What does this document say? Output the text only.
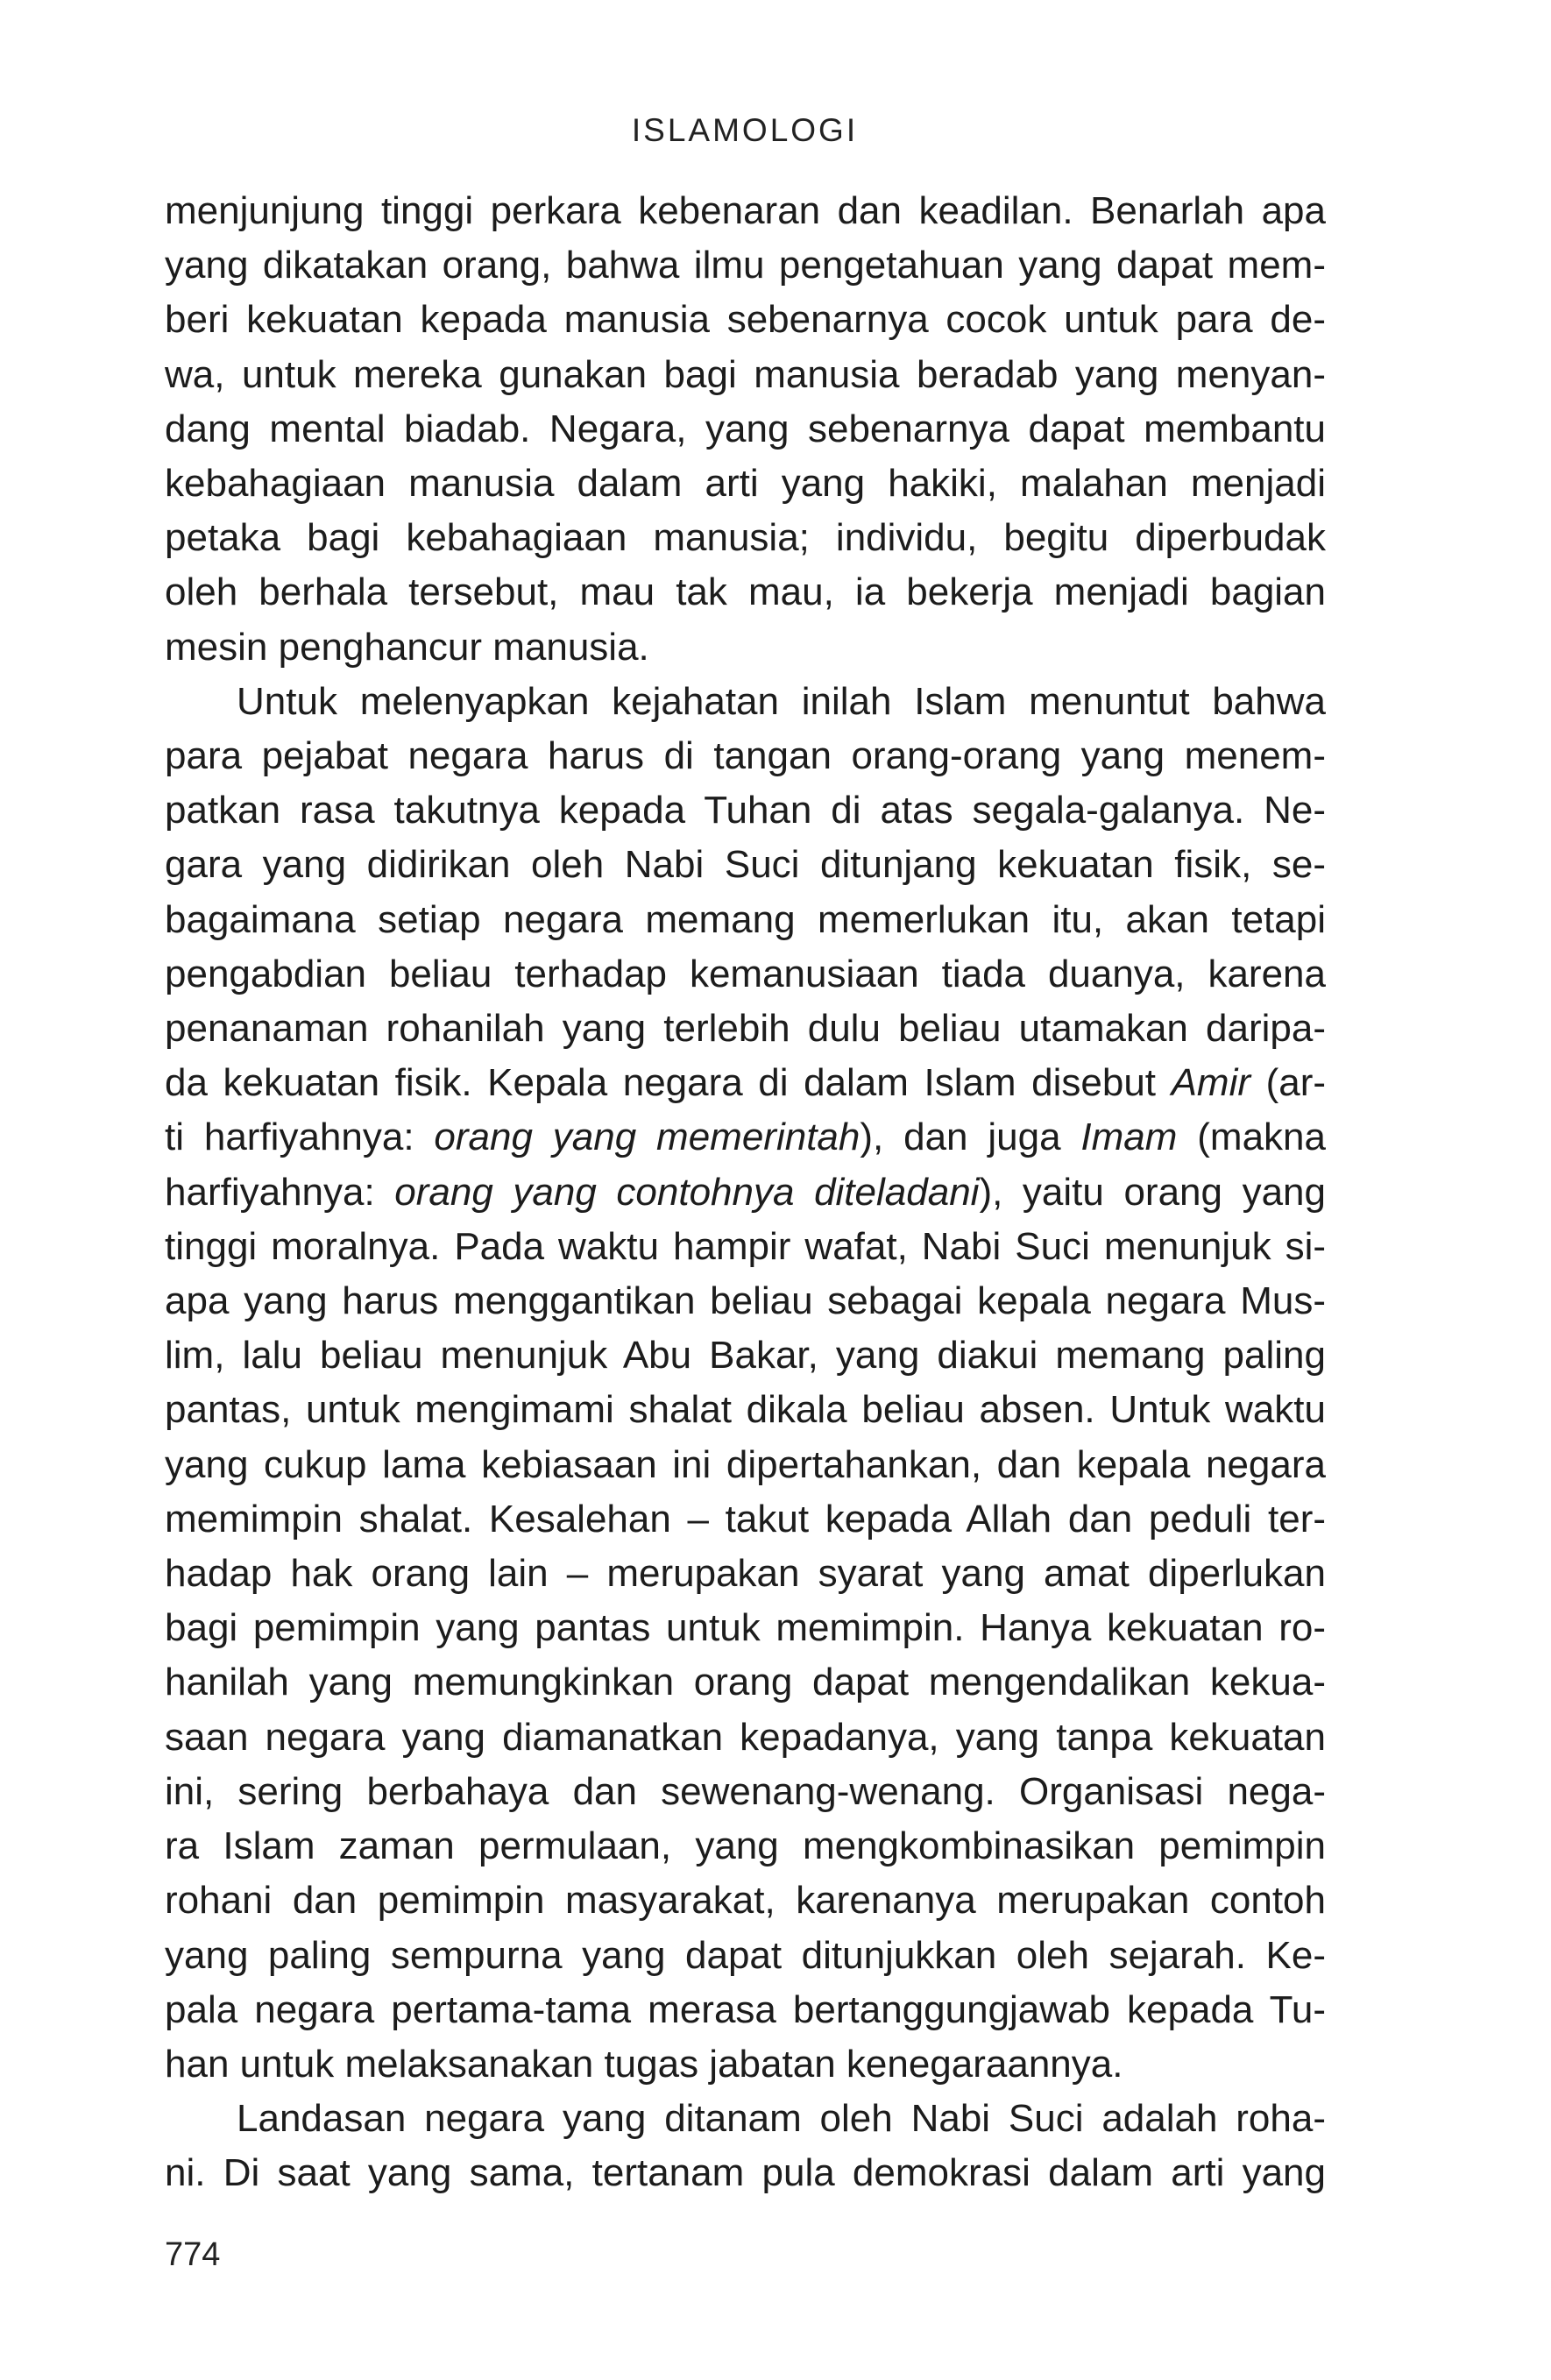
ISLAMOLOGI

menjunjung tinggi perkara kebenaran dan keadilan. Benarlah apa
yang dikatakan orang, bahwa ilmu pengetahuan yang dapat mem-
beri kekuatan kepada manusia sebenarnya cocok untuk para de-
wa, untuk mereka gunakan bagi manusia beradab yang menyan-
dang mental biadab. Negara, yang sebenarnya dapat membantu
kebahagiaan manusia dalam arti yang hakiki, malahan menjadi
petaka bagi kebahagiaan manusia; individu, begitu diperbudak
oleh berhala tersebut, mau tak mau, ia bekerja menjadi bagian
mesin penghancur manusia.

Untuk melenyapkan kejahatan inilah Islam menuntut bahwa
para pejabat negara harus di tangan orang-orang yang menem-
patkan rasa takutnya kepada Tuhan di atas segala-galanya. Ne-
gara yang didirikan oleh Nabi Suci ditunjang kekuatan fisik, se-
bagaimana setiap negara memang memerlukan itu, akan tetapi
pengabdian beliau terhadap kemanusiaan tiada duanya, karena
penanaman rohanilah yang terlebih dulu beliau utamakan daripa-
da kekuatan fisik. Kepala negara di dalam Islam disebut Amir (ar-
ti harfiyahnya: orang yang memerintah), dan juga Imam (makna
harfiyahnya: orang yang contohnya diteladani), yaitu orang yang
tinggi moralnya. Pada waktu hampir wafat, Nabi Suci menunjuk si-
apa yang harus menggantikan beliau sebagai kepala negara Mus-
lim, lalu beliau menunjuk Abu Bakar, yang diakui memang paling
pantas, untuk mengimami shalat dikala beliau absen. Untuk waktu
yang cukup lama kebiasaan ini dipertahankan, dan kepala negara
memimpin shalat. Kesalehan – takut kepada Allah dan peduli ter-
hadap hak orang lain – merupakan syarat yang amat diperlukan
bagi pemimpin yang pantas untuk memimpin. Hanya kekuatan ro-
hanilah yang memungkinkan orang dapat mengendalikan kekua-
saan negara yang diamanatkan kepadanya, yang tanpa kekuatan
ini, sering berbahaya dan sewenang-wenang. Organisasi nega-
ra Islam zaman permulaan, yang mengkombinasikan pemimpin
rohani dan pemimpin masyarakat, karenanya merupakan contoh
yang paling sempurna yang dapat ditunjukkan oleh sejarah. Ke-
pala negara pertama-tama merasa bertanggungjawab kepada Tu-
han untuk melaksanakan tugas jabatan kenegaraannya.

Landasan negara yang ditanam oleh Nabi Suci adalah roha-
ni. Di saat yang sama, tertanam pula demokrasi dalam arti yang

774
